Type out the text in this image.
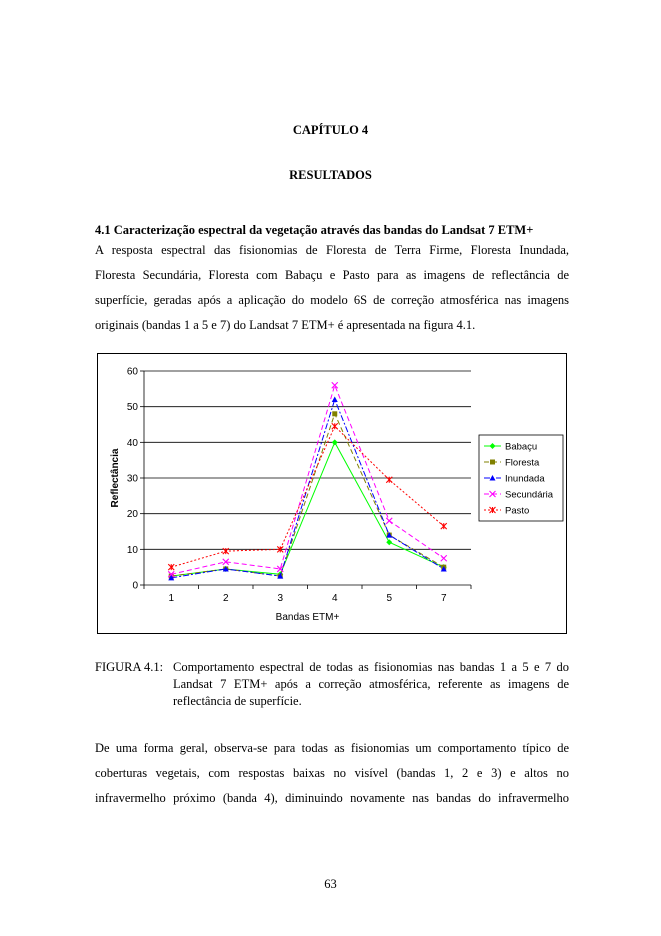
CAPÍTULO 4
RESULTADOS
4.1 Caracterização espectral da vegetação através das bandas do Landsat 7 ETM+
A resposta espectral das fisionomias de Floresta de Terra Firme, Floresta Inundada,
Floresta Secundária, Floresta com Babaçu e Pasto para as imagens de reflectância de
superfície, geradas após a aplicação do modelo 6S de correção atmosférica nas imagens
originais (bandas 1 a 5 e 7) do Landsat 7 ETM+ é apresentada na figura 4.1.
0
10
20
30
40
50
60
1	2	3	4	5	7
Bandas ETM+
Reflectância
Babaçu
Floresta
Inundada
Secundária
Pasto
FIGURA 4.1: Comportamento espectral de todas as fisionomias nas bandas 1 a 5 e 7 do
Landsat 7 ETM+ após a correção atmosférica, referente as imagens de
reflectância de superfície.
De uma forma geral, observa-se para todas as fisionomias um comportamento típico de
coberturas vegetais, com respostas baixas no visível (bandas 1, 2 e 3) e altos no
infravermelho próximo (banda 4), diminuindo novamente nas bandas do infravermelho
63
